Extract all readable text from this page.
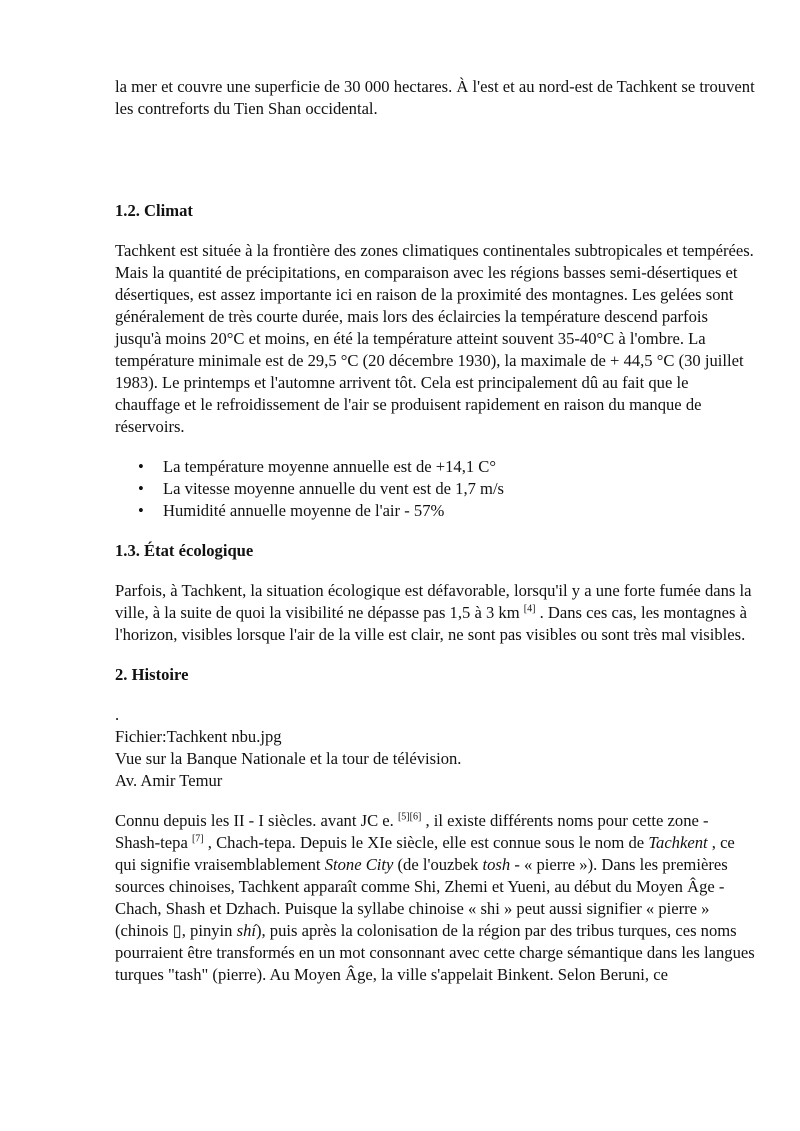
la mer et couvre une superficie de 30 000 hectares. À l'est et au nord-est de Tachkent se trouvent les contreforts du Tien Shan occidental.

1.2. Climat

Tachkent est située à la frontière des zones climatiques continentales subtropicales et tempérées. Mais la quantité de précipitations, en comparaison avec les régions basses semi-désertiques et désertiques, est assez importante ici en raison de la proximité des montagnes. Les gelées sont généralement de très courte durée, mais lors des éclaircies la température descend parfois jusqu'à moins 20°C et moins, en été la température atteint souvent 35-40°C à l'ombre. La température minimale est de 29,5 °C (20 décembre 1930), la maximale de + 44,5 °C (30 juillet 1983). Le printemps et l'automne arrivent tôt. Cela est principalement dû au fait que le chauffage et le refroidissement de l'air se produisent rapidement en raison du manque de réservoirs.

• La température moyenne annuelle est de +14,1 C°
• La vitesse moyenne annuelle du vent est de 1,7 m/s
• Humidité annuelle moyenne de l'air - 57%
1.3. État écologique

Parfois, à Tachkent, la situation écologique est défavorable, lorsqu'il y a une forte fumée dans la ville, à la suite de quoi la visibilité ne dépasse pas 1,5 à 3 km [4] . Dans ces cas, les montagnes à l'horizon, visibles lorsque l'air de la ville est clair, ne sont pas visibles ou sont très mal visibles.

2. Histoire
.
Fichier:Tachkent nbu.jpg
Vue sur la Banque Nationale et la tour de télévision.
Av. Amir Temur

Connu depuis les II - I siècles. avant JC e. [5][6] , il existe différents noms pour cette zone - Shash-tepa [7] , Chach-tepa. Depuis le XIe siècle, elle est connue sous le nom de Tachkent , ce qui signifie vraisemblablement Stone City (de l'ouzbek tosh - « pierre »). Dans les premières sources chinoises, Tachkent apparaît comme Shi, Zhemi et Yueni, au début du Moyen Âge - Chach, Shash et Dzhach. Puisque la syllabe chinoise « shi » peut aussi signifier « pierre » (chinois ▯, pinyin shí), puis après la colonisation de la région par des tribus turques, ces noms pourraient être transformés en un mot consonnant avec cette charge sémantique dans les langues turques "tash" (pierre). Au Moyen Âge, la ville s'appelait Binkent. Selon Beruni, ce
